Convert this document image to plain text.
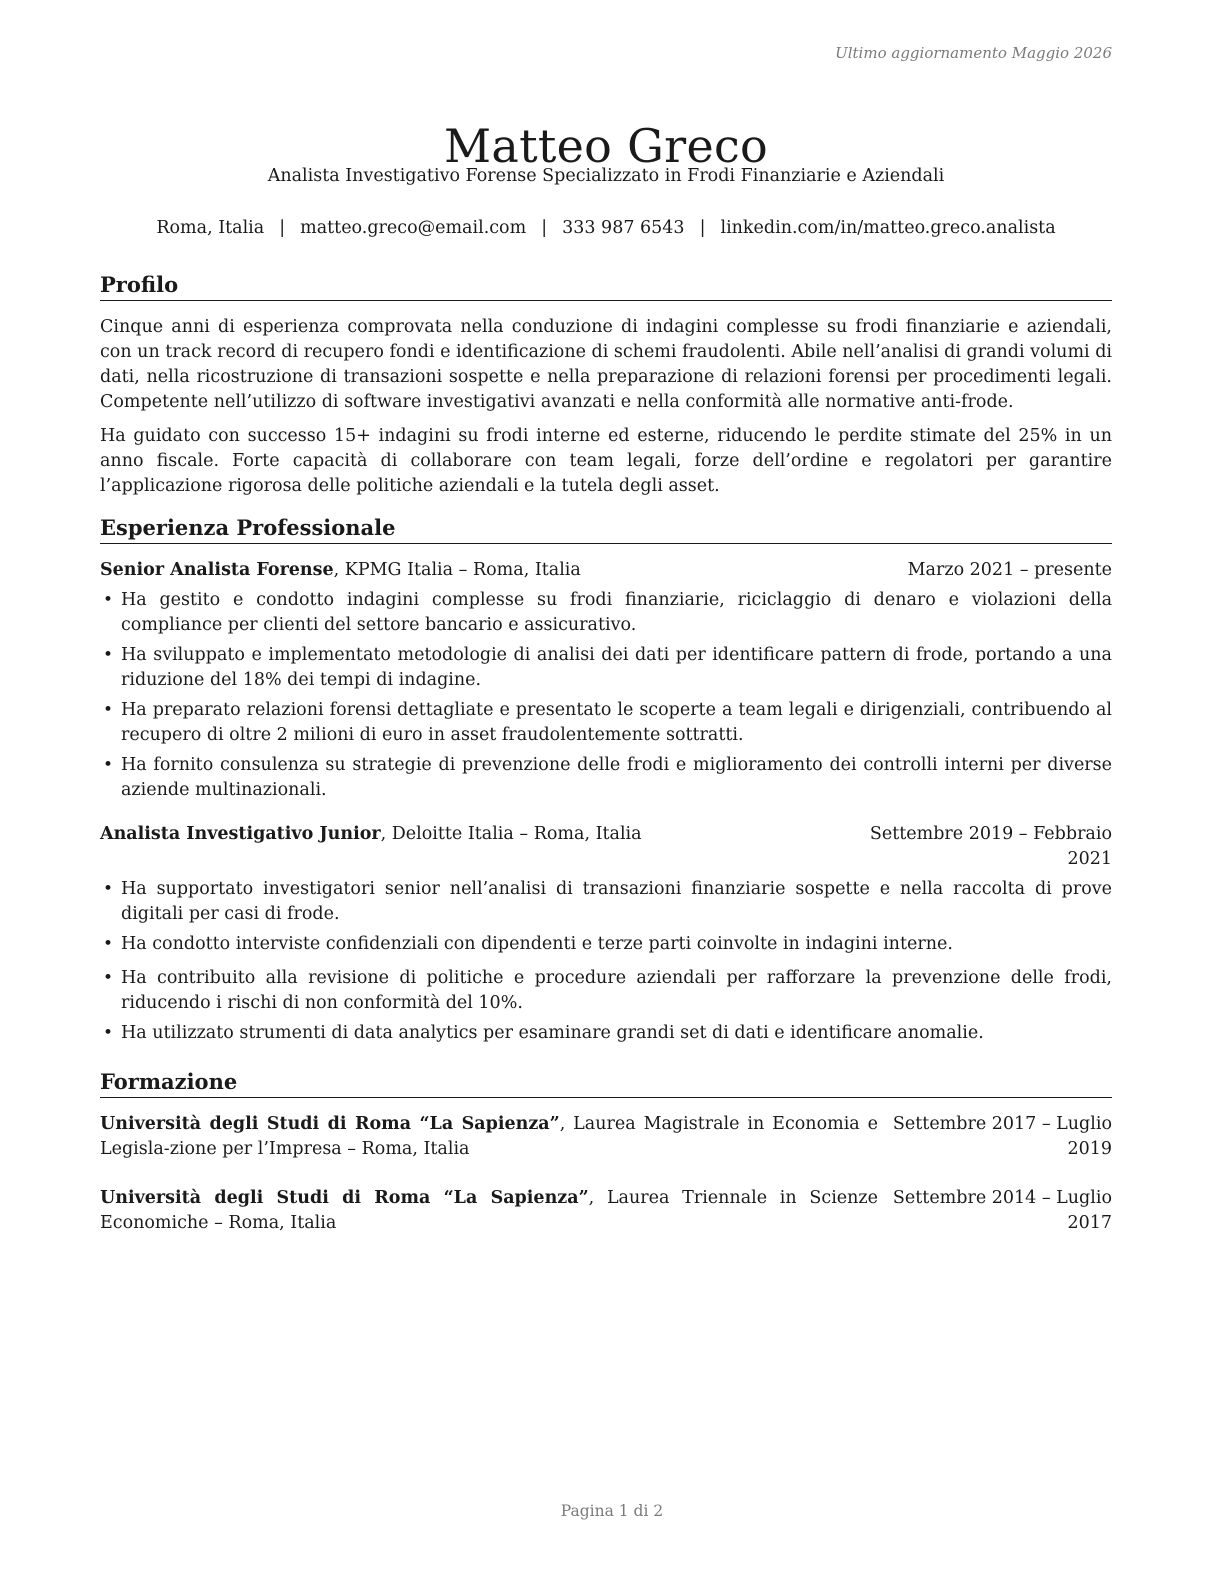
Ultimo aggiornamento Maggio 2026
Matteo Greco
Analista Investigativo Forense Specializzato in Frodi Finanziarie e Aziendali
Roma, Italia | matteo.greco@email.com | 333 987 6543 | linkedin.com/in/matteo.greco.analista
Profilo

Cinque anni di esperienza comprovata nella conduzione di indagini complesse su frodi finanziarie e aziendali, con un track record di recupero fondi e identificazione di schemi fraudolenti. Abile nell’analisi di grandi volumi di dati, nella ricostruzione di transazioni sospette e nella preparazione di relazioni forensi per procedimenti legali. Competente nell’utilizzo di software investigativi avanzati e nella conformità alle normative anti-frode.

Ha guidato con successo 15+ indagini su frodi interne ed esterne, riducendo le perdite stimate del 25% in un anno fiscale. Forte capacità di collaborare con team legali, forze dell’ordine e regolatori per garantire l’applicazione rigorosa delle politiche aziendali e la tutela degli asset.

Esperienza Professionale
Senior Analista Forense, KPMG Italia – Roma, Italia	Marzo 2021 – presente
• Ha gestito e condotto indagini complesse su frodi finanziarie, riciclaggio di denaro e violazioni della compliance per clienti del settore bancario e assicurativo.
• Ha sviluppato e implementato metodologie di analisi dei dati per identificare pattern di frode, portando a una riduzione del 18% dei tempi di indagine.
• Ha preparato relazioni forensi dettagliate e presentato le scoperte a team legali e dirigenziali, contribuendo al recupero di oltre 2 milioni di euro in asset fraudolentemente sottratti.
• Ha fornito consulenza su strategie di prevenzione delle frodi e miglioramento dei controlli interni per diverse aziende multinazionali.
Analista Investigativo Junior, Deloitte Italia – Roma, Italia	Settembre 2019 – Febbraio
2021
• Ha supportato investigatori senior nell’analisi di transazioni finanziarie sospette e nella raccolta di prove digitali per casi di frode.
• Ha condotto interviste confidenziali con dipendenti e terze parti coinvolte in indagini interne.
• Ha contribuito alla revisione di politiche e procedure aziendali per rafforzare la prevenzione delle frodi, riducendo i rischi di non conformità del 10%.
• Ha utilizzato strumenti di data analytics per esaminare grandi set di dati e identificare anomalie.
Formazione
Università degli Studi di Roma “La Sapienza”, Laurea Magistrale in Economia e Legisla-zione per l’Impresa – Roma, Italia
Settembre 2017 – Luglio
2019
Università degli Studi di Roma “La Sapienza”, Laurea Triennale in Scienze Economiche – Roma, Italia
Settembre 2014 – Luglio
2017
Pagina 1 di 2
